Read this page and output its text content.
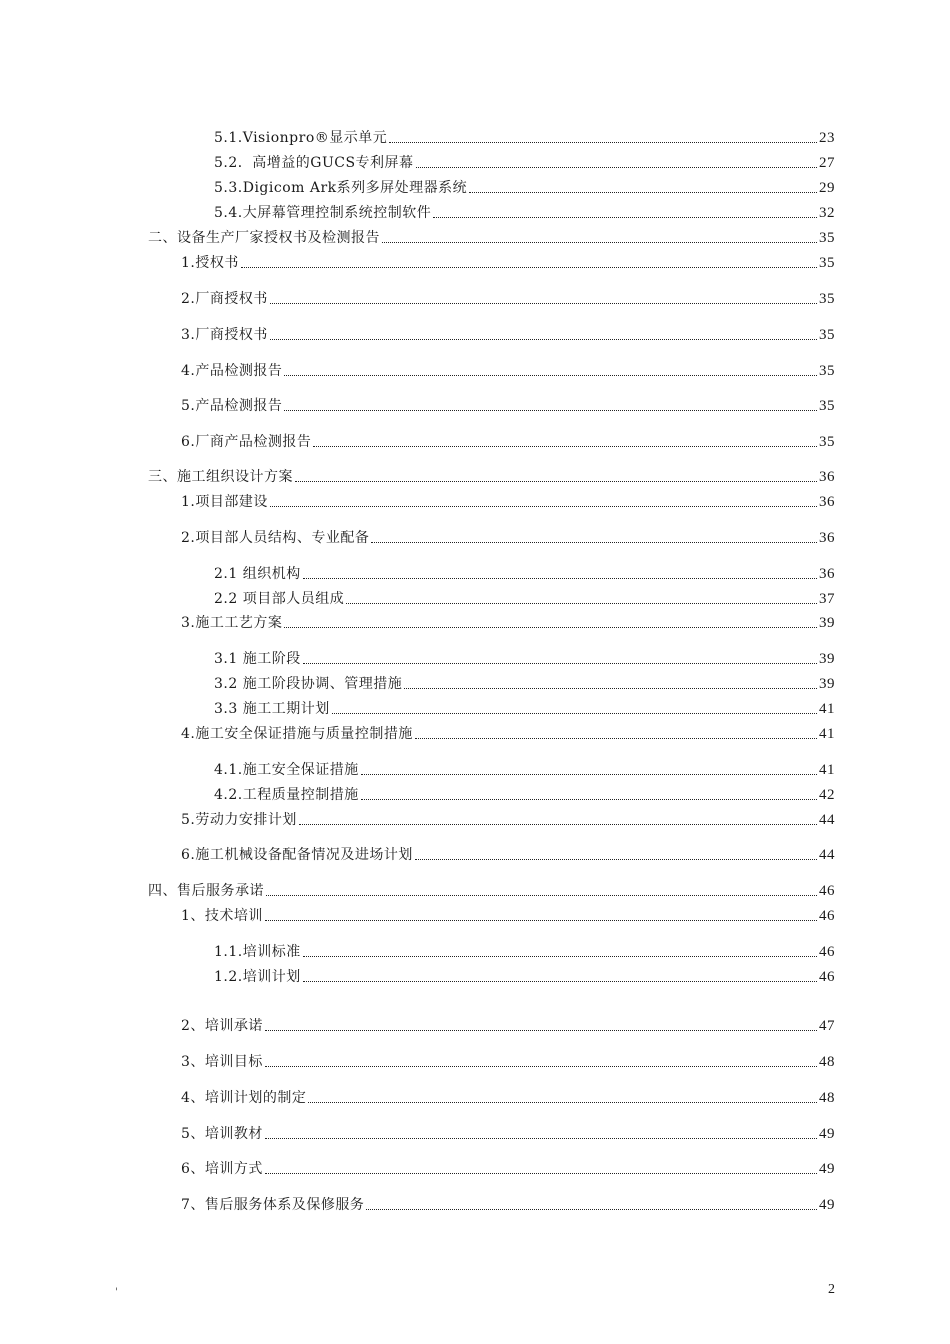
5.1.Visionpro®显示单元	23
5.2．高增益的GUCS专利屏幕	27
5.3.Digicom Ark系列多屏处理器系统	29
5.4.大屏幕管理控制系统控制软件	32
二、设备生产厂家授权书及检测报告	35
1.授权书	35
2.厂商授权书	35
3.厂商授权书	35
4.产品检测报告	35
5.产品检测报告	35
6.厂商产品检测报告	35
三、施工组织设计方案	36
1.项目部建设	36
2.项目部人员结构、专业配备	36
2.1 组织机构	36
2.2 项目部人员组成	37
3.施工工艺方案	39
3.1 施工阶段	39
3.2 施工阶段协调、管理措施	39
3.3 施工工期计划	41
4.施工安全保证措施与质量控制措施	41
4.1.施工安全保证措施	41
4.2.工程质量控制措施	42
5.劳动力安排计划	44
6.施工机械设备配备情况及进场计划	44
四、售后服务承诺	46
1、技术培训	46
1.1.培训标准	46
1.2.培训计划	46
2、培训承诺	47
3、培训目标	48
4、培训计划的制定	48
5、培训教材	49
6、培训方式	49
7、售后服务体系及保修服务	49
'	2
